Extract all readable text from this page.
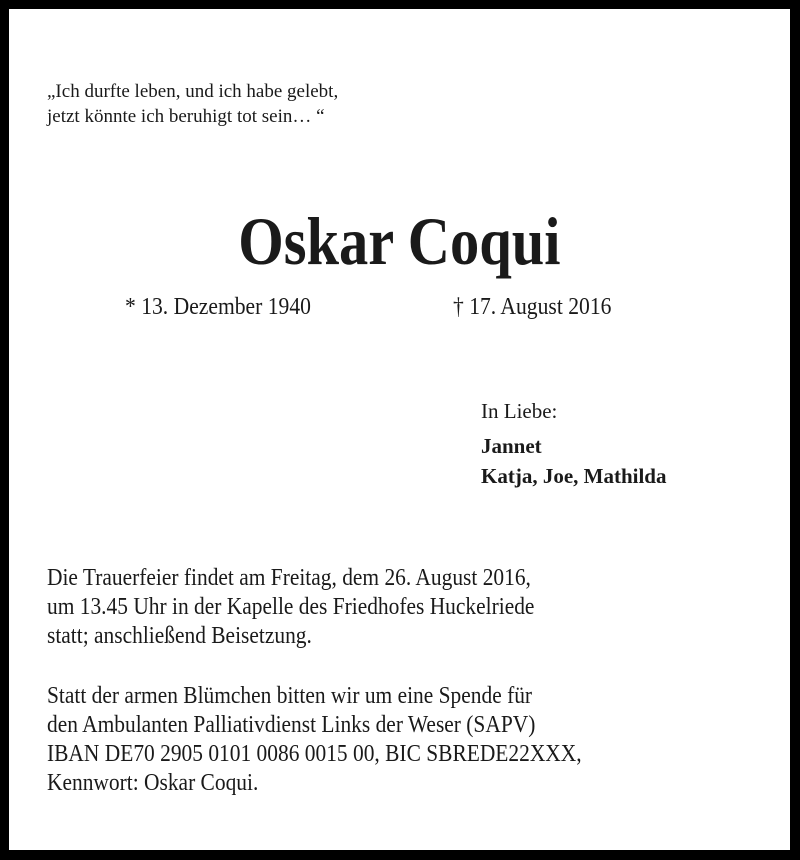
„Ich durfte leben, und ich habe gelebt,
jetzt könnte ich beruhigt tot sein… “

Oskar Coqui
* 13. Dezember 1940	† 17. August 2016
In Liebe:
Jannet
Katja, Joe, Mathilda
Die Trauerfeier findet am Freitag, dem 26. August 2016,
um 13.45 Uhr in der Kapelle des Friedhofes Huckelriede
statt; anschließend Beisetzung.
Statt der armen Blümchen bitten wir um eine Spende für
den Ambulanten Palliativdienst Links der Weser (SAPV)
IBAN DE70 2905 0101 0086 0015 00, BIC SBREDE22XXX,
Kennwort: Oskar Coqui.
